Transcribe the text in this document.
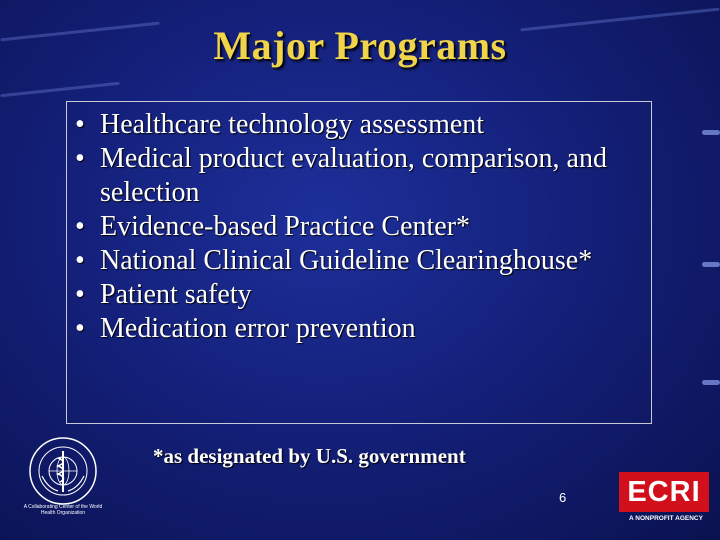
Major Programs
• Healthcare technology assessment
• Medical product evaluation, comparison, and selection
• Evidence-based Practice Center*
• National Clinical Guideline Clearinghouse*
• Patient safety
• Medication error prevention
*as designated by U.S. government
6
A Collaborating Center of the World Health Organization
ECRI
A NONPROFIT AGENCY
